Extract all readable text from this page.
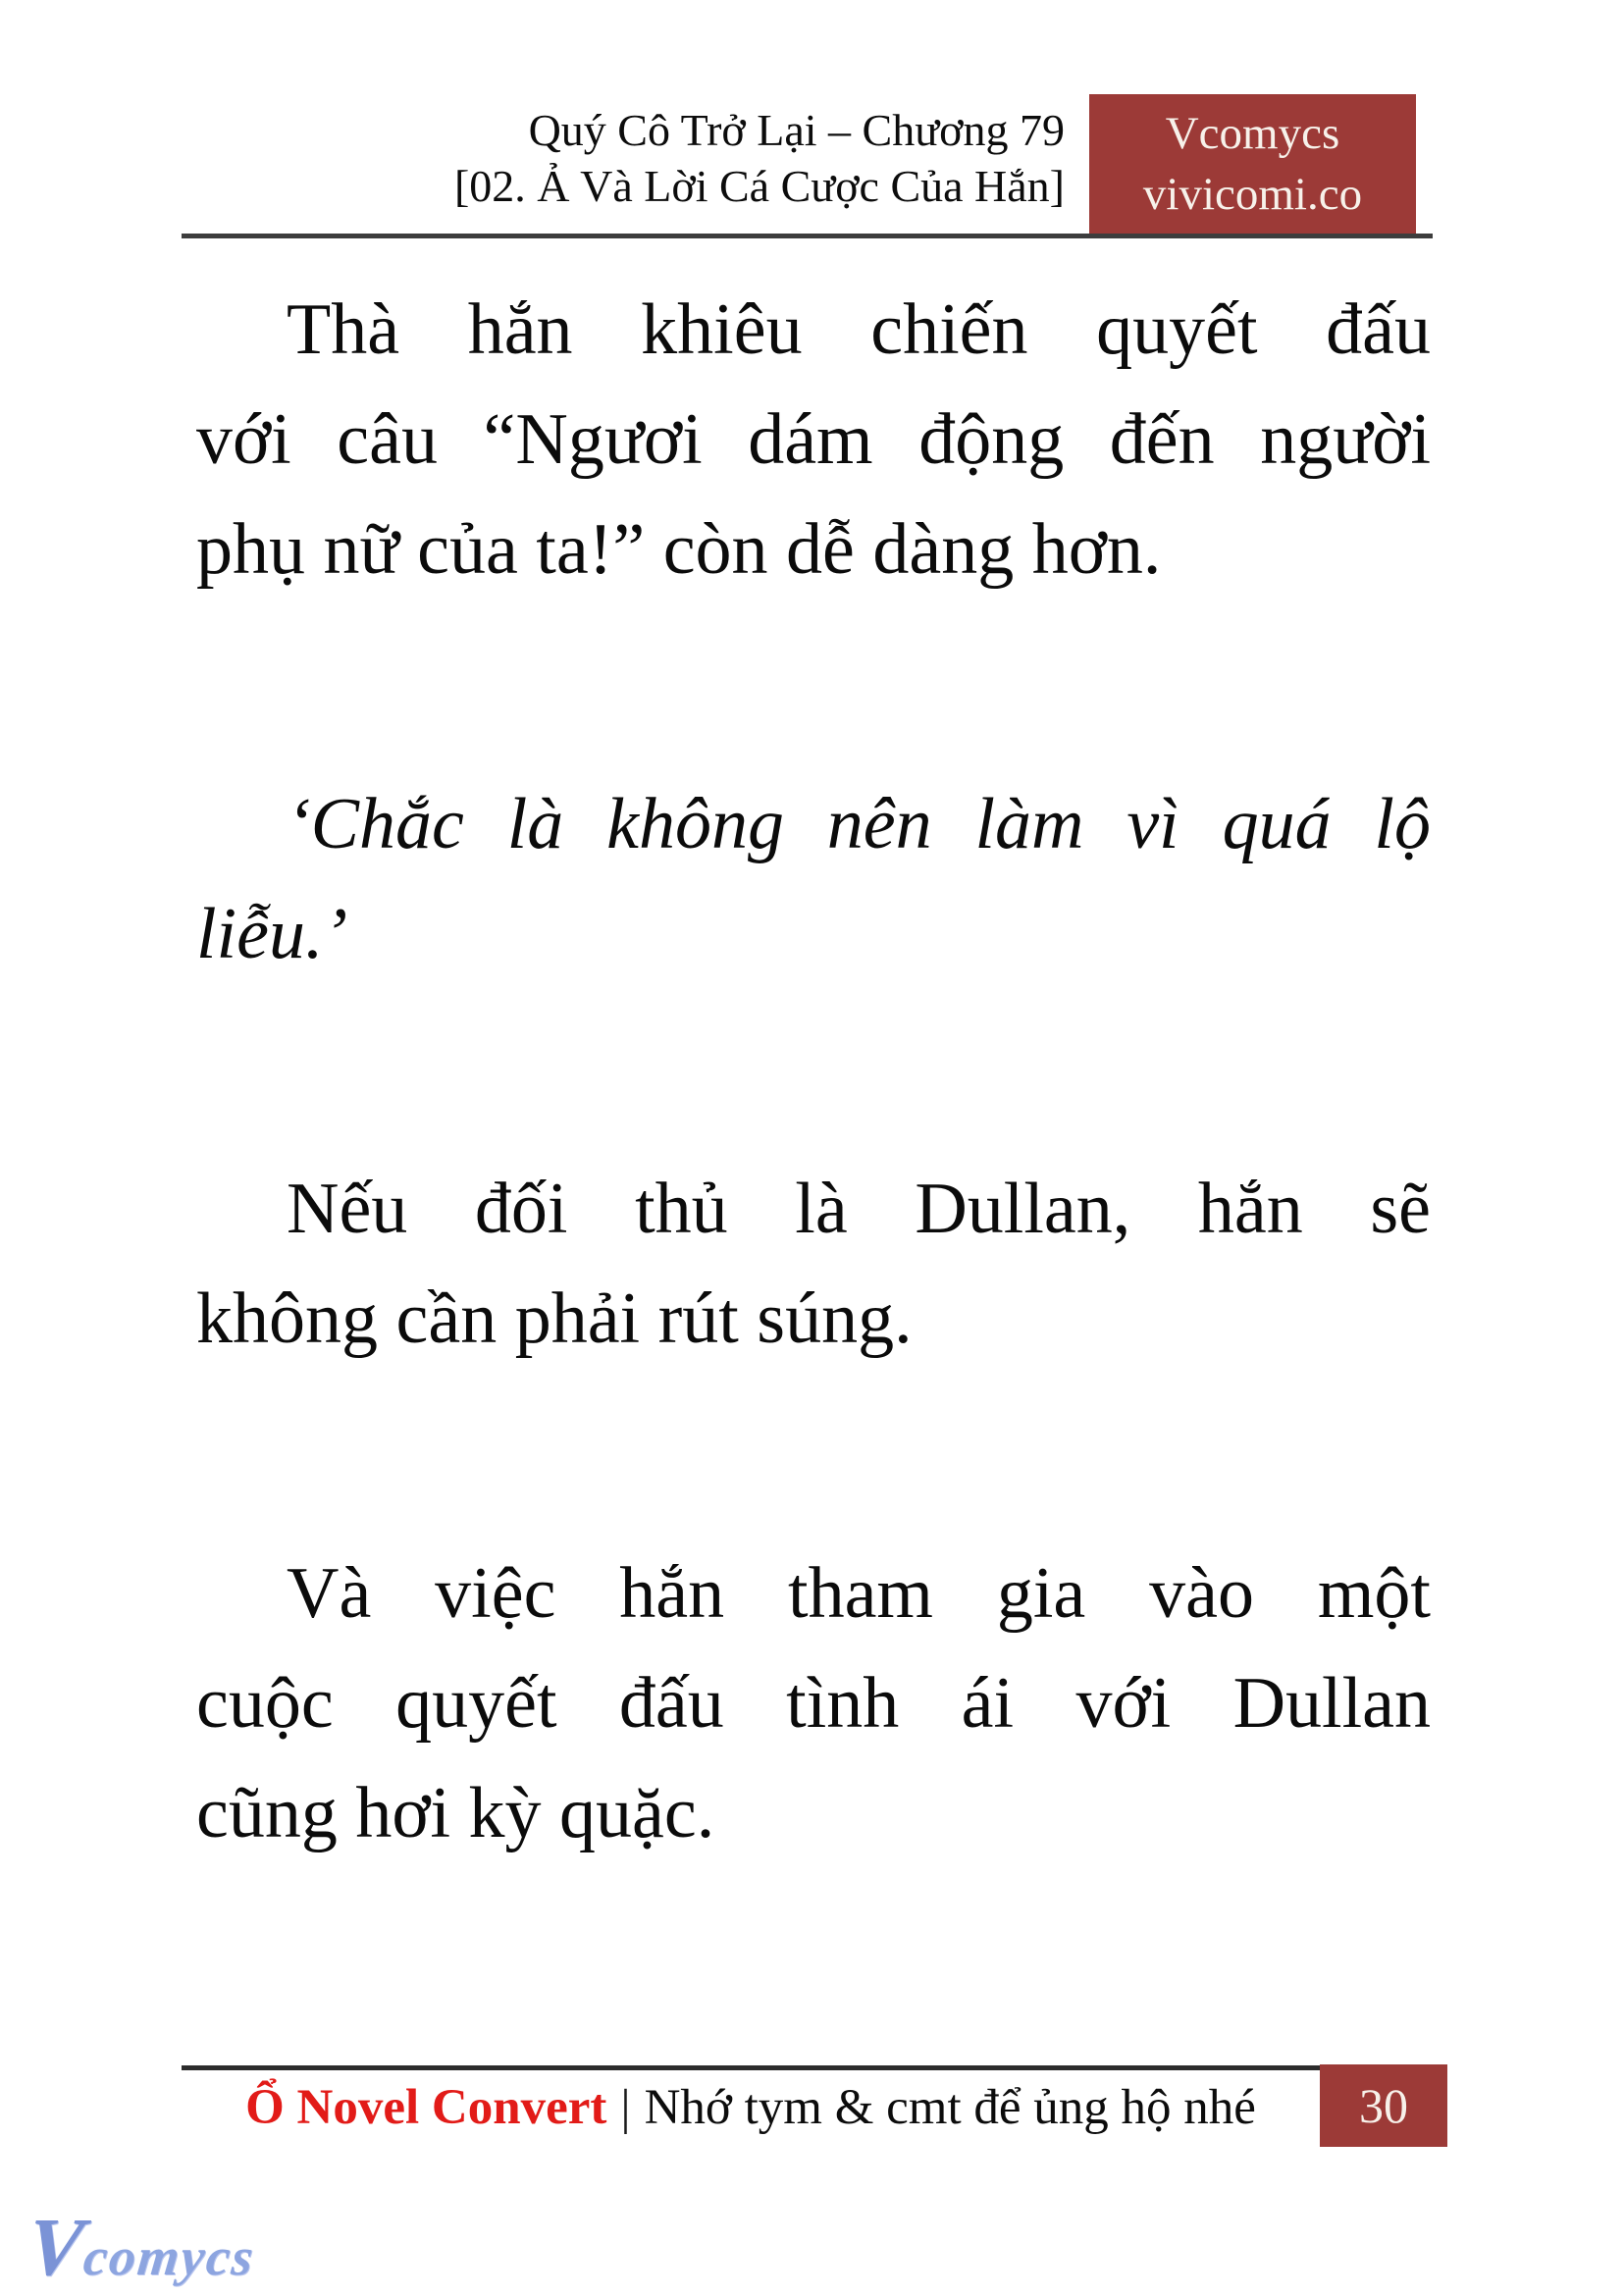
Quý Cô Trở Lại – Chương 79
[02. Ả Và Lời Cá Cược Của Hắn]
Vcomycs
vivicomi.co
Thà hắn khiêu chiến quyết đấu
với câu “Ngươi dám động đến người
phụ nữ của ta!” còn dễ dàng hơn.
‘Chắc là không nên làm vì quá lộ
liễu.’
Nếu đối thủ là Dullan, hắn sẽ
không cần phải rút súng.
Và việc hắn tham gia vào một
cuộc quyết đấu tình ái với Dullan
cũng hơi kỳ quặc.
Ổ Novel Convert | Nhớ tym & cmt để ủng hộ nhé	30
Vcomycs
